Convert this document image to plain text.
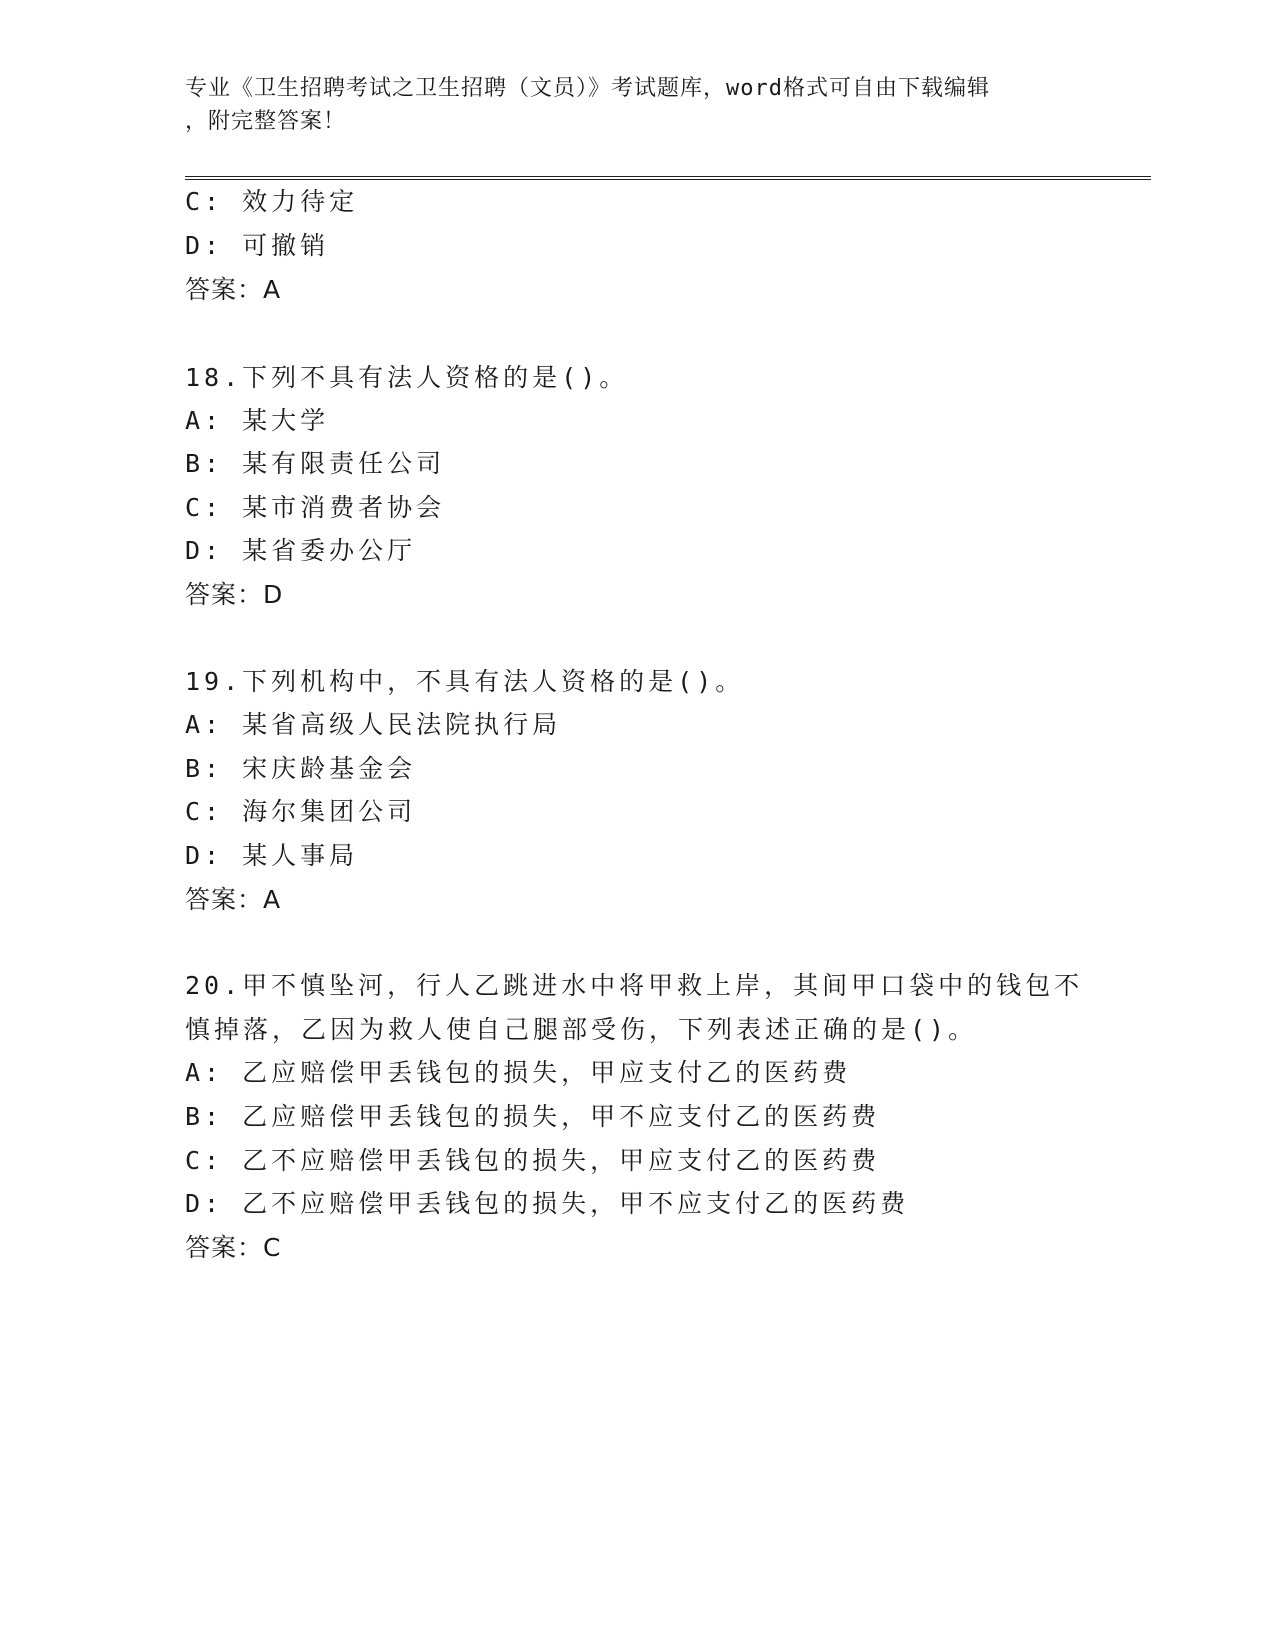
专业《卫生招聘考试之卫生招聘（文员）》考试题库，word格式可自由下载编辑
，附完整答案！
C: 效力待定
D: 可撤销
答案：A
18.下列不具有法人资格的是()。
A: 某大学
B: 某有限责任公司
C: 某市消费者协会
D: 某省委办公厅
答案：D
19.下列机构中，不具有法人资格的是()。
A: 某省高级人民法院执行局
B: 宋庆龄基金会
C: 海尔集团公司
D: 某人事局
答案：A
20.甲不慎坠河，行人乙跳进水中将甲救上岸，其间甲口袋中的钱包不
慎掉落，乙因为救人使自己腿部受伤，下列表述正确的是()。
A: 乙应赔偿甲丢钱包的损失，甲应支付乙的医药费
B: 乙应赔偿甲丢钱包的损失，甲不应支付乙的医药费
C: 乙不应赔偿甲丢钱包的损失，甲应支付乙的医药费
D: 乙不应赔偿甲丢钱包的损失，甲不应支付乙的医药费
答案：C
